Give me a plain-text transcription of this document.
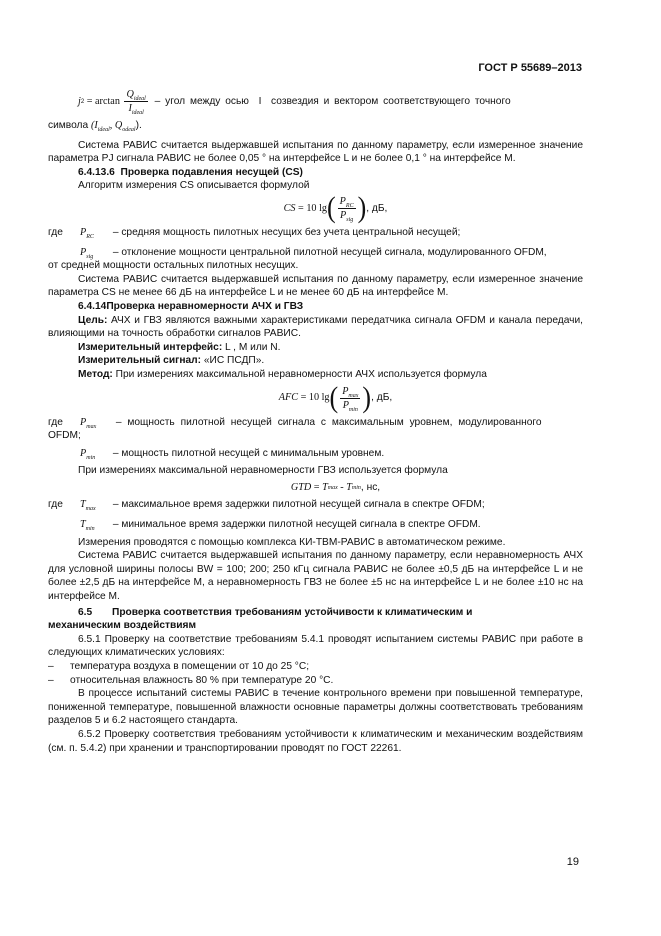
ГОСТ Р 55689–2013
j $2 = \arctan \frac{Q_{ideal}}{I_{ideal}}$ – угол между осью  I  созвездия и вектором соответствующего точного

символа ($I_{ideal}$, $Q_{odeal}$).

Система РАВИС считается выдержавшей испытания по данному параметру, если измеренное значение параметра PJ сигнала РАВИС не более 0,05 ° на интерфейсе L и не более 0,1 ° на интерфейсе M.

6.4.13.6 Проверка подавления несущей (CS)

Алгоритм измерения CS описывается формулой

CS = 10 lg ( $\frac{P_{RC}}{P_{sig}}$ ) , дБ,
где $P_{RC}$ – средняя мощность пилотных несущих без учета центральной несущей;
$P_{sig}$ – отклонение мощности центральной пилотной несущей сигнала, модулированного OFDM,

от средней мощности остальных пилотных несущих.

Система РАВИС считается выдержавшей испытания по данному параметру, если измеренное значение параметра CS не менее 66 дБ на интерфейсе L и не менее 60 дБ на интерфейсе M.

6.4.14Проверка неравномерности АЧХ и ГВЗ

Цель: АЧХ и ГВЗ являются важными характеристиками передатчика сигнала OFDM и канала передачи, влияющими на точность обработки сигналов РАВИС.

Измерительный интерфейс: L , M или N.

Измерительный сигнал: «ИС ПСДП».

Метод: При измерениях максимальной неравномерности АЧХ используется формула

AFC = 10 lg ( $\frac{P_{max}}{P_{min}}$ ) , дБ,
где $P_{max}$ – мощность пилотной несущей сигнала с максимальным уровнем, модулированного

OFDM;

$P_{min}$ – мощность пилотной несущей с минимальным уровнем.

При измерениях максимальной неравномерности ГВЗ используется формула

GTD = T max - T min , нс,
где $T_{max}$ – максимальное время задержки пилотной несущей сигнала в спектре OFDM;
$T_{min}$ – минимальное время задержки пилотной несущей сигнала в спектре OFDM.

Измерения проводятся с помощью комплекса КИ-ТВМ-РАВИС в автоматическом режиме.

Система РАВИС считается выдержавшей испытания по данному параметру, если неравномерность АЧХ для условной ширины полосы BW = 100; 200; 250 кГц сигнала РАВИС не более ±0,5 дБ на интерфейсе L и не более ±2,5 дБ на интерфейсе M, а неравномерность ГВЗ не более ±5 нс на интерфейсе L и не более ±10 нс на интерфейсе M.

6.5 Проверка соответствия требованиям устойчивости к климатическим и

механическим воздействиям

6.5.1 Проверку на соответствие требованиям 5.4.1 проводят испытанием системы РАВИС при работе в следующих климатических условиях:

– температура воздуха в помещении от 10 до 25 °С;
– относительная влажность 80 % при температуре 20 °С.

В процессе испытаний системы РАВИС в течение контрольного времени при повышенной температуре, пониженной температуре, повышенной влажности основные параметры должны соответствовать требованиям разделов 5 и 6.2 настоящего стандарта.

6.5.2 Проверку соответствия требованиям устойчивости к климатическим и механическим воздействиям (см. п. 5.4.2) при хранении и транспортировании проводят по ГОСТ 22261.

19
